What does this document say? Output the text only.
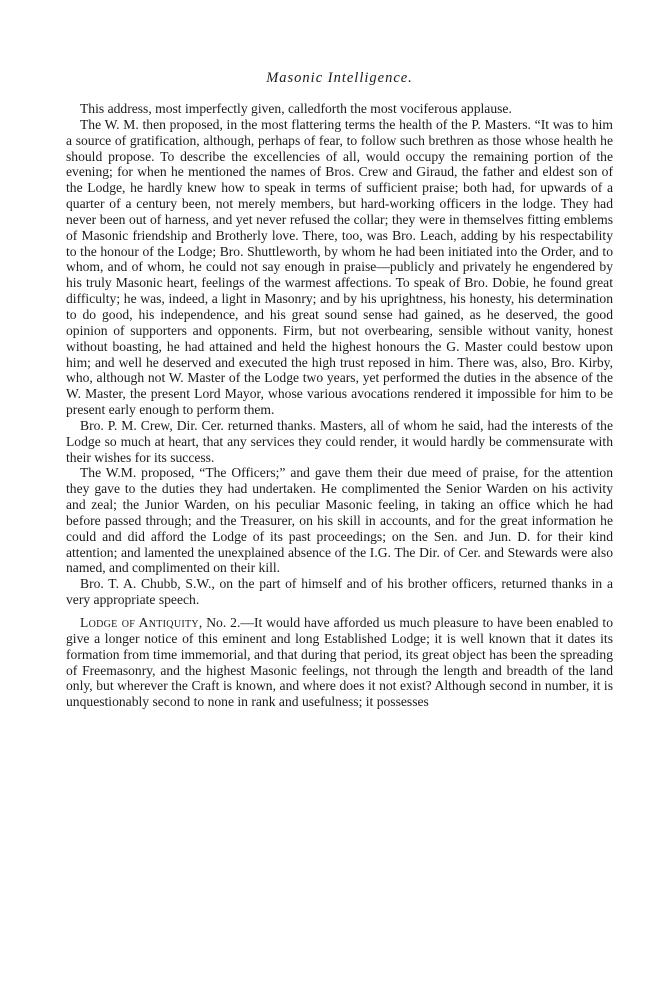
Masonic Intelligence.

This address, most imperfectly given, calledforth the most vociferous applause.

The W. M. then proposed, in the most flattering terms the health of the P. Masters. “It was to him a source of gratification, although, perhaps of fear, to follow such brethren as those whose health he should propose. To describe the excellencies of all, would occupy the remaining portion of the evening; for when he mentioned the names of Bros. Crew and Giraud, the father and eldest son of the Lodge, he hardly knew how to speak in terms of sufficient praise; both had, for upwards of a quarter of a century been, not merely members, but hard-working officers in the lodge. They had never been out of harness, and yet never refused the collar; they were in themselves fitting emblems of Masonic friendship and Brotherly love. There, too, was Bro. Leach, adding by his respectability to the honour of the Lodge; Bro. Shuttleworth, by whom he had been initiated into the Order, and to whom, and of whom, he could not say enough in praise—publicly and privately he engendered by his truly Masonic heart, feelings of the warmest affections. To speak of Bro. Dobie, he found great difficulty; he was, indeed, a light in Masonry; and by his uprightness, his honesty, his determination to do good, his independence, and his great sound sense had gained, as he deserved, the good opinion of supporters and opponents. Firm, but not overbearing, sensible without vanity, honest without boasting, he had attained and held the highest honours the G. Master could bestow upon him; and well he deserved and executed the high trust reposed in him. There was, also, Bro. Kirby, who, although not W. Master of the Lodge two years, yet performed the duties in the absence of the W. Master, the present Lord Mayor, whose various avocations rendered it impossible for him to be present early enough to perform them.

Bro. P. M. Crew, Dir. Cer. returned thanks. Masters, all of whom he said, had the interests of the Lodge so much at heart, that any services they could render, it would hardly be commensurate with their wishes for its success.

The W.M. proposed, “The Officers;” and gave them their due meed of praise, for the attention they gave to the duties they had undertaken. He complimented the Senior Warden on his activity and zeal; the Junior Warden, on his peculiar Masonic feeling, in taking an office which he had before passed through; and the Treasurer, on his skill in accounts, and for the great information he could and did afford the Lodge of its past proceedings; on the Sen. and Jun. D. for their kind attention; and lamented the unexplained absence of the I.G. The Dir. of Cer. and Stewards were also named, and complimented on their kill.

Bro. T. A. Chubb, S.W., on the part of himself and of his brother officers, returned thanks in a very appropriate speech.

Lodge of Antiquity, No. 2.—It would have afforded us much pleasure to have been enabled to give a longer notice of this eminent and long Established Lodge; it is well known that it dates its formation from time immemorial, and that during that period, its great object has been the spreading of Freemasonry, and the highest Masonic feelings, not through the length and breadth of the land only, but wherever the Craft is known, and where does it not exist? Although second in number, it is unquestionably second to none in rank and usefulness; it possesses
